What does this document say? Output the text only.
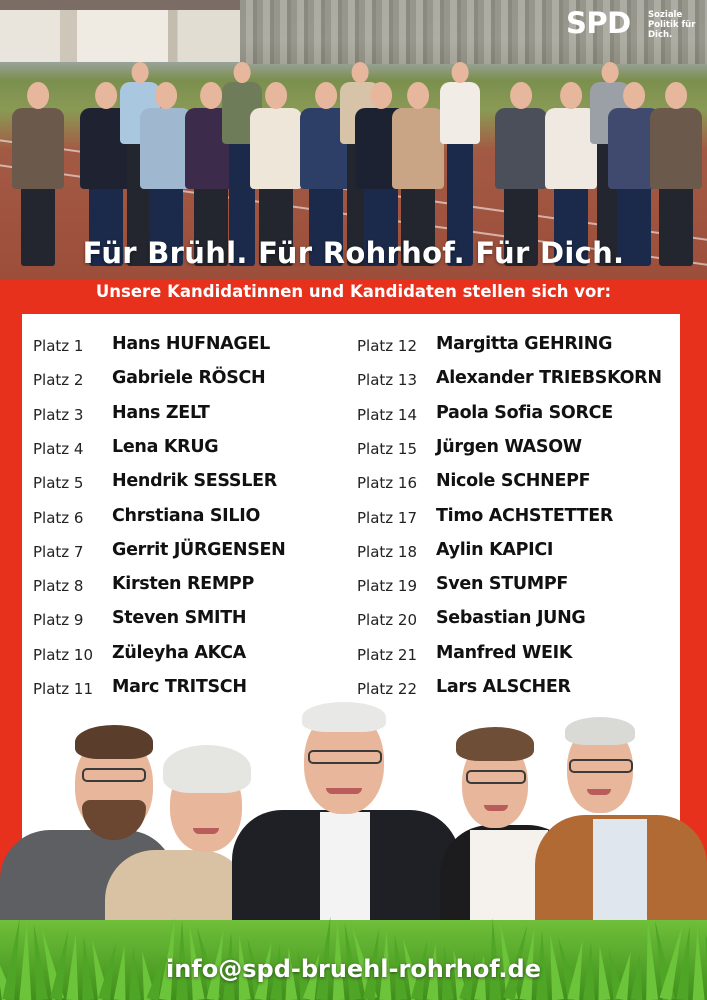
SPD Soziale
Politik für
Dich.
Für Brühl. Für Rohrhof. Für Dich.
Unsere Kandidatinnen und Kandidaten stellen sich vor:
Platz 1 Hans HUFNAGEL
Platz 2 Gabriele RÖSCH
Platz 3 Hans ZELT
Platz 4 Lena KRUG
Platz 5 Hendrik SESSLER
Platz 6 Chrstiana SILIO
Platz 7 Gerrit JÜRGENSEN
Platz 8 Kirsten REMPP
Platz 9 Steven SMITH
Platz 10 Züleyha AKCA
Platz 11 Marc TRITSCH
Platz 12 Margitta GEHRING
Platz 13 Alexander TRIEBSKORN
Platz 14 Paola Sofia SORCE
Platz 15 Jürgen WASOW
Platz 16 Nicole SCHNEPF
Platz 17 Timo ACHSTETTER
Platz 18 Aylin KAPICI
Platz 19 Sven STUMPF
Platz 20 Sebastian JUNG
Platz 21 Manfred WEIK
Platz 22 Lars ALSCHER
info@spd-bruehl-rohrhof.de
